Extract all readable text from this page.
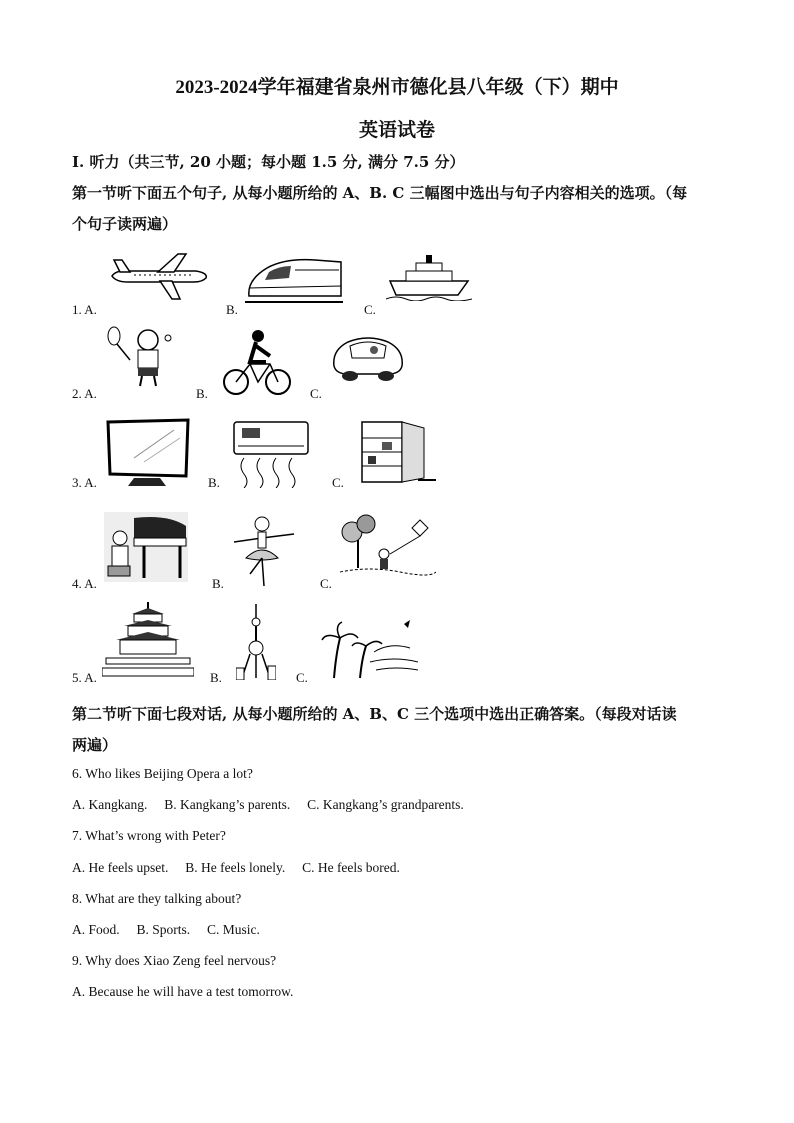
2023-2024学年福建省泉州市德化县八年级（下）期中
英语试卷
I. 听力（共三节, 20 小题；每小题 1.5 分, 满分 7.5 分）
第一节听下面五个句子, 从每小题所给的 A、B. C 三幅图中选出与句子内容相关的选项。（每
个句子读两遍）
1. A.	B.	C.
2. A.	B.	C.
3. A.	B.	C.
4. A.	B.	C.
5. A.	B.	C.
第二节听下面七段对话, 从每小题所给的 A、B、C 三个选项中选出正确答案。（每段对话读
两遍）
6. Who likes Beijing Opera a lot?
A. Kangkang.     B. Kangkang’s parents.     C. Kangkang’s grandparents.
7. What’s wrong with Peter?
A. He feels upset.     B. He feels lonely.     C. He feels bored.
8. What are they talking about?
A. Food.     B. Sports.     C. Music.
9. Why does Xiao Zeng feel nervous?
A. Because he will have a test tomorrow.
